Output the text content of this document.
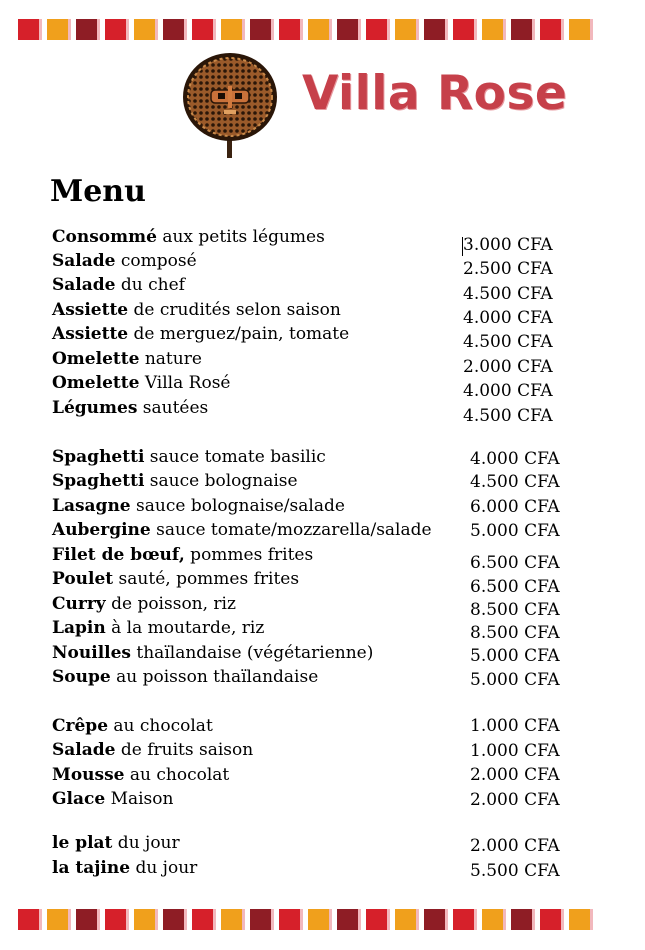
Villa Rose
Menu
Consommé aux petits légumes	3.000 CFA
Salade composé	2.500 CFA
Salade du chef	4.500 CFA
Assiette de crudités selon saison	4.000 CFA
Assiette de merguez/pain, tomate	4.500 CFA
Omelette nature	2.000 CFA
Omelette Villa Rosé	4.000 CFA
Légumes sautées	4.500 CFA
Spaghetti sauce tomate basilic	4.000 CFA
Spaghetti sauce bolognaise	4.500 CFA
Lasagne sauce bolognaise/salade	6.000 CFA
Aubergine sauce tomate/mozzarella/salade 5.000 CFA
Filet de bœuf, pommes frites	6.500 CFA
Poulet sauté, pommes frites	6.500 CFA
Curry de poisson, riz	8.500 CFA
Lapin à la moutarde, riz	8.500 CFA
Nouilles thaïlandaise (végétarienne)	5.000 CFA
Soupe au poisson thaïlandaise	5.000 CFA
Crêpe au chocolat	1.000 CFA
Salade de fruits saison	1.000 CFA
Mousse au chocolat	2.000 CFA
Glace Maison	2.000 CFA
le plat du jour	2.000 CFA
la tajine du jour	5.500 CFA
